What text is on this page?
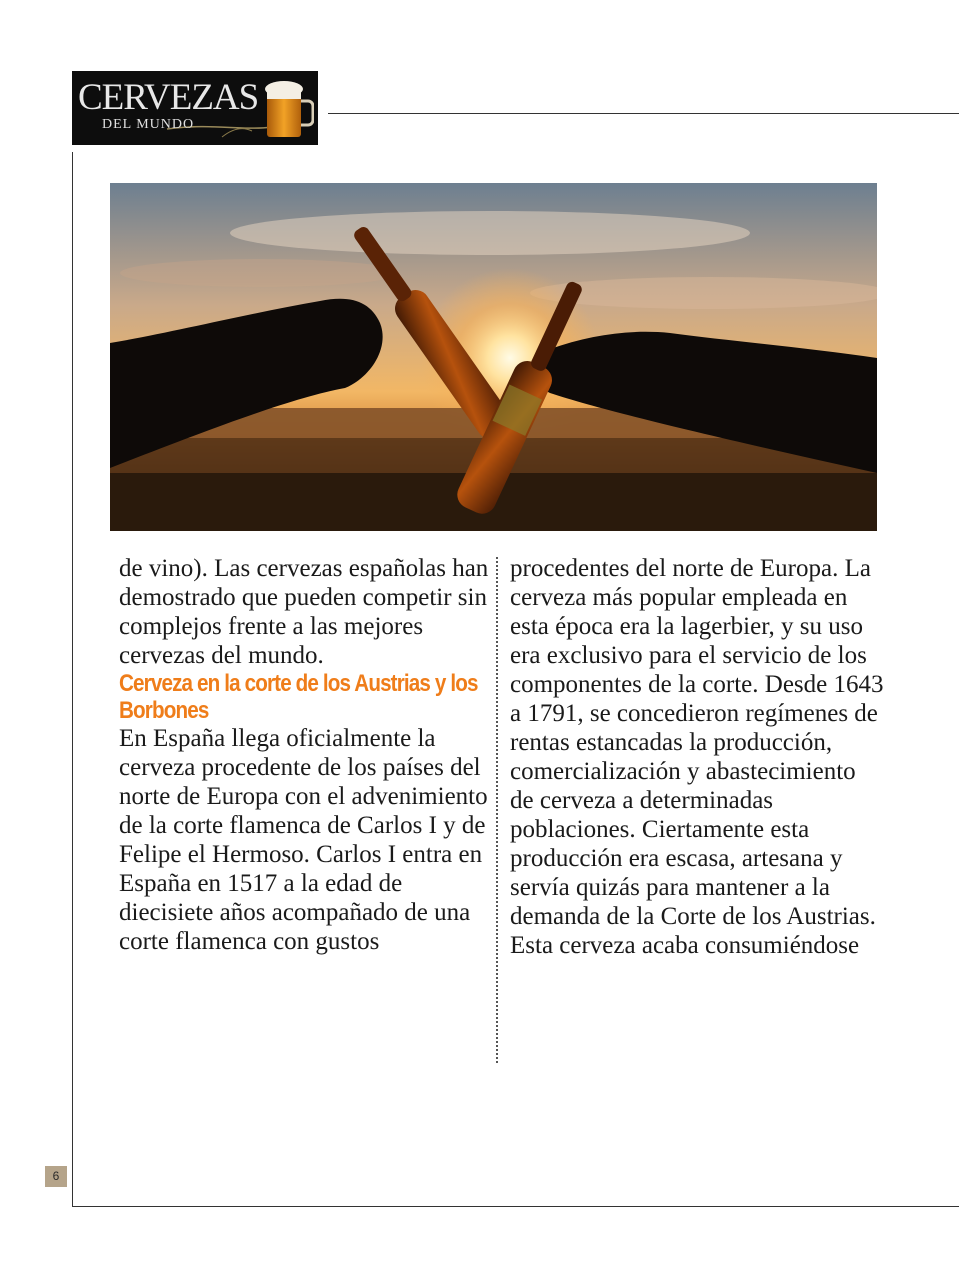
CERVEZAS
DEL MUNDO

de vino). Las cervezas españolas han demostrado que pueden competir sin complejos frente a las mejores cervezas del mundo.

Cerveza en la corte de los Austrias y los Borbones

En España llega oficialmente la cerveza procedente de los países del norte de Europa con el advenimiento de la corte flamenca de Carlos I y de Felipe el Hermoso. Carlos I entra en España en 1517 a la edad de diecisiete años acompañado de una corte flamenca con gustos

procedentes del norte de Europa. La cerveza más popular empleada en esta época era la lagerbier, y su uso era exclusivo para el servicio de los componentes de la corte. Desde 1643 a 1791, se concedieron regímenes de rentas estancadas la producción, comercialización y abastecimiento de cerveza a determinadas poblaciones. Ciertamente esta producción era escasa, artesana y servía quizás para mantener a la demanda de la Corte de los Austrias. Esta cerveza acaba consumiéndose

6
